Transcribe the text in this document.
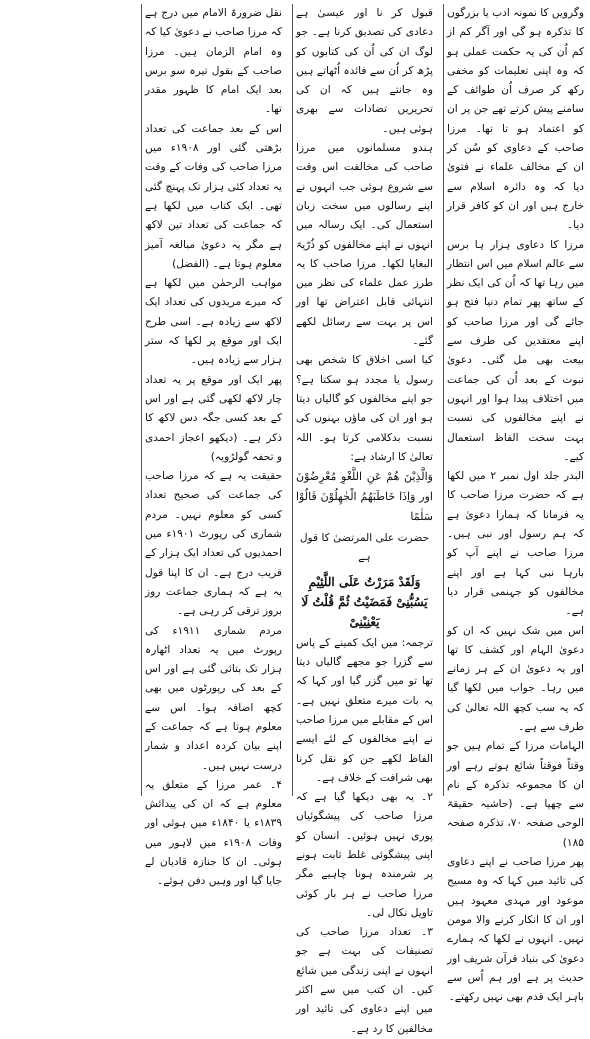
وگرویں کا نمونہ ادب یا بزرگوں کا تذکرہ ہو گی اور آگر کم از کم اُن کی یہ حکمت عملی ہو کہ وہ اپنی تعلیمات کو مخفی رکھ کر صرف اُن طوائف کے سامنے پیش کرتے تھے جن پر ان کو اعتماد ہو تا تھا۔ مرزا صاحب کے دعاوی کو سُن کر ان کے مخالف علماء نے فتویٰ دیا کہ وہ دائرہ اسلام سے خارج ہیں اور ان کو کافر قرار دیا۔

مرزا کا دعاوی ہزار ہا برس سے عالم اسلام میں اس انتظار میں رہا تھا کہ اُن کی ایک نظر کے ساتھ پھر تمام دنیا فتح ہو جائے گی اور مرزا صاحب کو اپنے معتقدین کی طرف سے بیعت بھی مل گئی۔ دعویٰ نبوت کے بعد اُن کی جماعت میں اختلاف پیدا ہوا اور انہوں نے اپنے مخالفوں کی نسبت بہت سخت الفاظ استعمال کیے۔

البدر جلد اول نمبر ۲ میں لکھا ہے کہ حضرت مرزا صاحب کا یہ فرمانا کہ ہمارا دعویٰ ہے کہ ہم رسول اور نبی ہیں۔ مرزا صاحب نے اپنے آپ کو بارہا نبی کہا ہے اور اپنے مخالفوں کو جہنمی قرار دیا ہے۔

اس میں شک نہیں کہ ان کو دعویٰ الہام اور کشف کا تھا اور یہ دعویٰ ان کے ہر زمانے میں رہا۔ جواب میں لکھا گیا کہ یہ سب کچھ اللہ تعالیٰ کی طرف سے ہے۔

الہامات مرزا کے تمام ہیں جو وقتاً فوقتاً شائع ہوتے رہے اور ان کا مجموعہ تذکرہ کے نام سے چھپا ہے۔ (حاشیہ حقیقۃ الوحی صفحہ ۷۰، تذکرہ صفحہ ۱۸۵)

پھر مرزا صاحب نے اپنے دعاوی کی تائید میں کہا کہ وہ مسیح موعود اور مہدی معہود ہیں اور ان کا انکار کرنے والا مومن نہیں۔ انہوں نے لکھا کہ ہمارے دعویٰ کی بنیاد قرآن شریف اور حدیث پر ہے اور ہم اُس سے باہر ایک قدم بھی نہیں رکھتے۔

قبول کر نا اور عیسیٰ ہے دعادی کی تصدیق کرنا ہے۔ جو لوگ ان کی اُن کی کتابوں کو پڑھ کر اُن سے فائدہ اُٹھاتے ہیں وہ جانتے ہیں کہ ان کی تحریریں تضادات سے بھری ہوئی ہیں۔

ہندو مسلمانوں میں مرزا صاحب کی مخالفت اس وقت سے شروع ہوئی جب انہوں نے اپنے رسالوں میں سخت زبان استعمال کی۔ ایک رسالہ میں انہوں نے اپنے مخالفوں کو ذُرّیۃ البغایا لکھا۔ مرزا صاحب کا یہ طرز عمل علماء کی نظر میں انتہائی قابل اعتراض تھا اور اس پر بہت سے رسائل لکھے گئے۔

کیا اسی اخلاق کا شخص بھی رسول یا مجدد ہو سکتا ہے؟ جو اپنے مخالفوں کو گالیاں دیتا ہو اور ان کی ماؤں بہنوں کی نسبت بدکلامی کرتا ہو۔ اللہ تعالیٰ کا ارشاد ہے:

وَالَّذِیْنَ ھُمْ عَنِ اللَّغْوِ مُعْرِضُوْنَ اور وَاِذَا خَاطَبَھُمُ الْجٰھِلُوْنَ قَالُوْا سَلٰمًا

حضرت علی المرتضیٰ کا قول ہے

وَلَقَدْ مَرَرْتُ عَلَی اللَّئِیْمِ یَسُبُّنِیْ فَمَضَیْتُ ثُمَّ قُلْتُ لَا یَعْنِیْنِیْ

ترجمہ: میں ایک کمینے کے پاس سے گزرا جو مجھے گالیاں دیتا تھا تو میں گزر گیا اور کہا کہ یہ بات میرے متعلق نہیں ہے۔ اس کے مقابلے میں مرزا صاحب نے اپنے مخالفوں کے لئے ایسے الفاظ لکھے جن کو نقل کرنا بھی شرافت کے خلاف ہے۔

۲۔ یہ بھی دیکھا گیا ہے کہ مرزا صاحب کی پیشگوئیاں پوری نہیں ہوئیں۔ انسان کو اپنی پیشگوئی غلط ثابت ہونے پر شرمندہ ہونا چاہیے مگر مرزا صاحب نے ہر بار کوئی تاویل نکال لی۔

۳۔ تعداد مرزا صاحب کی تصنیفات کی بہت ہے جو انہوں نے اپنی زندگی میں شائع کیں۔ ان کتب میں سے اکثر میں اپنے دعاوی کی تائید اور مخالفین کا رد ہے۔

نقل ضرورۃ الامام میں درج ہے کہ مرزا صاحب نے دعویٰ کیا کہ وہ امام الزمان ہیں۔ مرزا صاحب کے بقول تیرہ سو برس بعد ایک امام کا ظہور مقدر تھا۔

اس کے بعد جماعت کی تعداد بڑھتی گئی اور ۱۹۰۸ء میں مرزا صاحب کی وفات کے وقت یہ تعداد کئی ہزار تک پہنچ گئی تھی۔ ایک کتاب میں لکھا ہے کہ جماعت کی تعداد تین لاکھ ہے مگر یہ دعویٰ مبالغہ آمیز معلوم ہوتا ہے۔ (الفضل)

مواہب الرحمٰن میں لکھا ہے کہ میرے مریدوں کی تعداد ایک لاکھ سے زیادہ ہے۔ اسی طرح ایک اور موقع پر لکھا کہ ستر ہزار سے زیادہ ہیں۔

پھر ایک اور موقع پر یہ تعداد چار لاکھ لکھی گئی ہے اور اس کے بعد کسی جگہ دس لاکھ کا ذکر ہے۔ (دیکھو اعجاز احمدی و تحفہ گولڑویہ)

حقیقت یہ ہے کہ مرزا صاحب کی جماعت کی صحیح تعداد کسی کو معلوم نہیں۔ مردم شماری کی رپورٹ ۱۹۰۱ء میں احمدیوں کی تعداد ایک ہزار کے قریب درج ہے۔ ان کا اپنا قول یہ ہے کہ ہماری جماعت روز بروز ترقی کر رہی ہے۔

مردم شماری ۱۹۱۱ء کی رپورٹ میں یہ تعداد اٹھارہ ہزار تک بتائی گئی ہے اور اس کے بعد کی رپورٹوں میں بھی کچھ اضافہ ہوا۔ اس سے معلوم ہوتا ہے کہ جماعت کے اپنے بیان کردہ اعداد و شمار درست نہیں ہیں۔

۴۔ عمر مرزا کے متعلق یہ معلوم ہے کہ ان کی پیدائش ۱۸۳۹ء یا ۱۸۴۰ء میں ہوئی اور وفات ۱۹۰۸ء میں لاہور میں ہوئی۔ ان کا جنازہ قادیان لے جایا گیا اور وہیں دفن ہوئے۔
